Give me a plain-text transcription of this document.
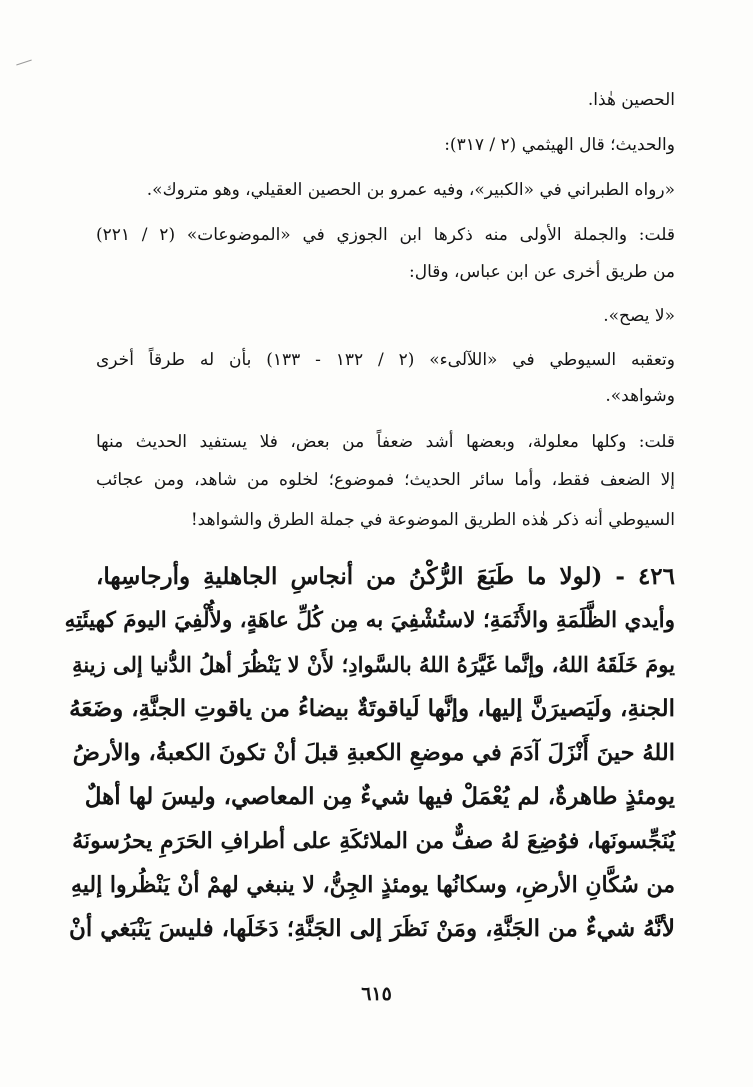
الحصين هٰذا.
والحديث؛ قال الهيثمي (٢ / ٣١٧):
«رواه الطبراني في «الكبير»، وفيه عمرو بن الحصين العقيلي، وهو متروك».
قلت: والجملة الأولى منه ذكرها ابن الجوزي في «الموضوعات» (٢ / ٢٢١)
من طريق أخرى عن ابن عباس، وقال:
«لا يصح».
وتعقبه السيوطي في «اللآلىء» (٢ / ١٣٢ - ١٣٣) بأن له طرقاً أخرى
وشواهد».
قلت: وكلها معلولة، وبعضها أشد ضعفاً من بعض، فلا يستفيد الحديث منها
إلا الضعف فقط، وأما سائر الحديث؛ فموضوع؛ لخلوه من شاهد، ومن عجائب
السيوطي أنه ذكر هٰذه الطريق الموضوعة في جملة الطرق والشواهد!
٤٢٦ - (لولا ما طَبَعَ الرُّكْنُ من أنجاسِ الجاهليةِ وأرجاسِها،
وأيدي الظَّلَمَةِ والأَثَمَةِ؛ لاستُشْفِيَ به مِن كُلِّ عاهَةٍ، ولأُلْفِيَ اليومَ كهيئَتِهِ
يومَ خَلَقَهُ اللهُ، وإنَّما غَيَّرَهُ اللهُ بالسَّوادِ؛ لأَنْ لا يَنْظُرَ أهلُ الدُّنيا إلى زينةِ
الجنةِ، ولَيَصيرَنَّ إليها، وإنَّها لَياقوتَةٌ بيضاءُ من ياقوتِ الجنَّةِ، وضَعَهُ
اللهُ حينَ أَنْزَلَ آدَمَ في موضعِ الكعبةِ قبلَ أنْ تكونَ الكعبةُ، والأرضُ
يومئذٍ طاهرةٌ، لم يُعْمَلْ فيها شيءٌ مِن المعاصي، وليسَ لها أهلٌ
يُنَجِّسونَها، فوُضِعَ لهُ صفٌّ من الملائكَةِ على أطرافِ الحَرَمِ يحرُسونَهُ
من سُكَّانِ الأرضِ، وسكانُها يومئذٍ الجِنُّ، لا ينبغي لهمْ أنْ يَنْظُروا إليهِ
لأنَّهُ شيءٌ من الجَنَّةِ، ومَنْ نَظَرَ إلى الجَنَّةِ؛ دَخَلَها، فليسَ يَنْبَغي أنْ
٦١٥
